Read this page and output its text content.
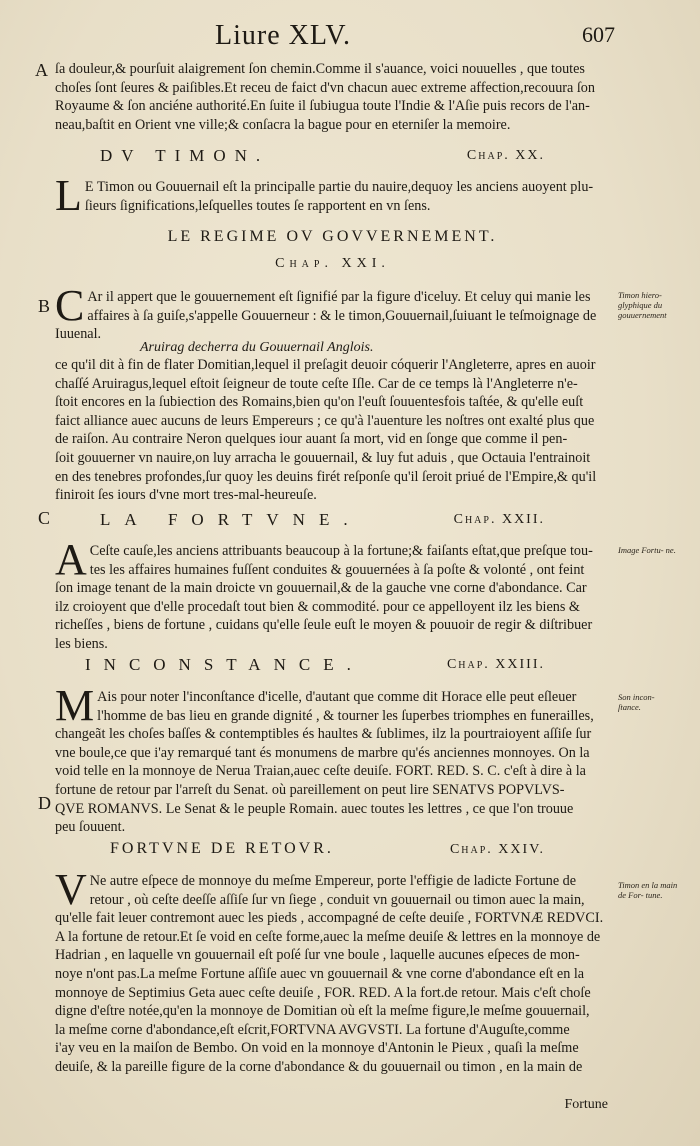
Liure XLV.	607
A
B
C
D
ſa douleur,& pourſuit alaigrement ſon chemin.Comme il s'auance, voici nouuelles , que toutes
choſes ſont ſeures & paiſibles.Et receu de faict d'vn chacun auec extreme affection,recouura ſon
Royaume & ſon anciéne authorité.En ſuite il ſubiugua toute l'Indie & l'Aſie puis recors de l'an-
neau,baſtit en Orient vne ville;& conſacra la bague pour en eterniſer la memoire.
DV TIMON.	Chap. XX.
L E Timon ou Gouuernail eſt la principalle partie du nauire,dequoy les anciens auoyent plu-
ſieurs ſignifications,leſquelles toutes ſe rapportent en vn ſens.
LE REGIME OV GOVVERNEMENT.
Chap. XXI.
C Ar il appert que le gouuernement eſt ſignifié par la figure d'iceluy. Et celuy qui manie les
affaires à ſa guiſe,s'appelle Gouuerneur : & le timon,Gouuernail,ſuiuant le teſmoignage de
Iuuenal.
Aruirag decherra du Gouuernail Anglois.
ce qu'il dit à fin de flater Domitian,lequel il preſagit deuoir cóquerir l'Angleterre, apres en auoir
chaſſé Aruiragus,lequel eſtoit ſeigneur de toute ceſte Iſle. Car de ce temps là l'Angleterre n'e-
ſtoit encores en la ſubiection des Romains,bien qu'on l'euſt ſouuentesfois taſtée, & qu'elle euſt
faict alliance auec aucuns de leurs Empereurs ; ce qu'à l'auenture les noſtres ont exalté plus que
de raiſon. Au contraire Neron quelques iour auant ſa mort, vid en ſonge que comme il pen-
ſoit gouuerner vn nauire,on luy arracha le gouuernail, & luy fut aduis , que Octauia l'entrainoit
en des tenebres profondes,ſur quoy les deuins firét reſponſe qu'il ſeroit priué de l'Empire,& qu'il
finiroit ſes iours d'vne mort tres-mal-heureuſe.
LA FORTVNE.	Chap. XXII.
A Ceſte cauſe,les anciens attribuants beaucoup à la fortune;& faiſants eſtat,que preſque tou-
tes les affaires humaines fuſſent conduites & gouuernées à ſa poſte & volonté , ont feint
ſon image tenant de la main droicte vn gouuernail,& de la gauche vne corne d'abondance. Car
ilz croioyent que d'elle procedaſt tout bien & commodité. pour ce appelloyent ilz les biens &
richeſſes , biens de fortune , cuidans qu'elle ſeule euſt le moyen & pouuoir de regir & diſtribuer
les biens.
INCONSTANCE.	Chap. XXIII.
M Ais pour noter l'inconſtance d'icelle, d'autant que comme dit Horace elle peut eſleuer
l'homme de bas lieu en grande dignité , & tourner les ſuperbes triomphes en funerailles,
changeãt les choſes baſſes & contemptibles és haultes & ſublimes, ilz la pourtraioyent aſſiſe ſur
vne boule,ce que i'ay remarqué tant és monumens de marbre qu'és anciennes monnoyes. On la
void telle en la monnoye de Nerua Traian,auec ceſte deuiſe. FORT. RED. S. C. c'eſt à dire à la
fortune de retour par l'arreſt du Senat. où pareillement on peut lire SENATVS POPVLVS-
QVE ROMANVS. Le Senat & le peuple Romain. auec toutes les lettres , ce que l'on trouue
peu ſouuent.
FORTVNE DE RETOVR.	Chap. XXIV.
V Ne autre eſpece de monnoye du meſme Empereur, porte l'effigie de ladicte Fortune de
retour , où ceſte deeſſe aſſiſe ſur vn ſiege , conduit vn gouuernail ou timon auec la main,
qu'elle fait leuer contremont auec les pieds , accompagné de ceſte deuiſe , FORTVNÆ REDVCI.
A la fortune de retour.Et ſe void en ceſte forme,auec la meſme deuiſe & lettres en la monnoye de
Hadrian , en laquelle vn gouuernail eſt poſé ſur vne boule , laquelle aucunes eſpeces de mon-
noye n'ont pas.La meſme Fortune aſſiſe auec vn gouuernail & vne corne d'abondance eſt en la
monnoye de Septimius Geta auec ceſte deuiſe , FOR. RED. A la fort.de retour. Mais c'eſt choſe
digne d'eſtre notée,qu'en la monnoye de Domitian où eſt la meſme figure,le meſme gouuernail,
la meſme corne d'abondance,eſt eſcrit,FORTVNA AVGVSTI. La fortune d'Auguſte,comme
i'ay veu en la maiſon de Bembo. On void en la monnoye d'Antonin le Pieux , quaſi la meſme
deuiſe, & la pareille figure de la corne d'abondance & du gouuernail ou timon , en la main de
Timon hiero- glyphique du gouuernement
Image Fortu- ne.
Son incon- ſtance.
Timon en la main de For- tune.
Fortune
